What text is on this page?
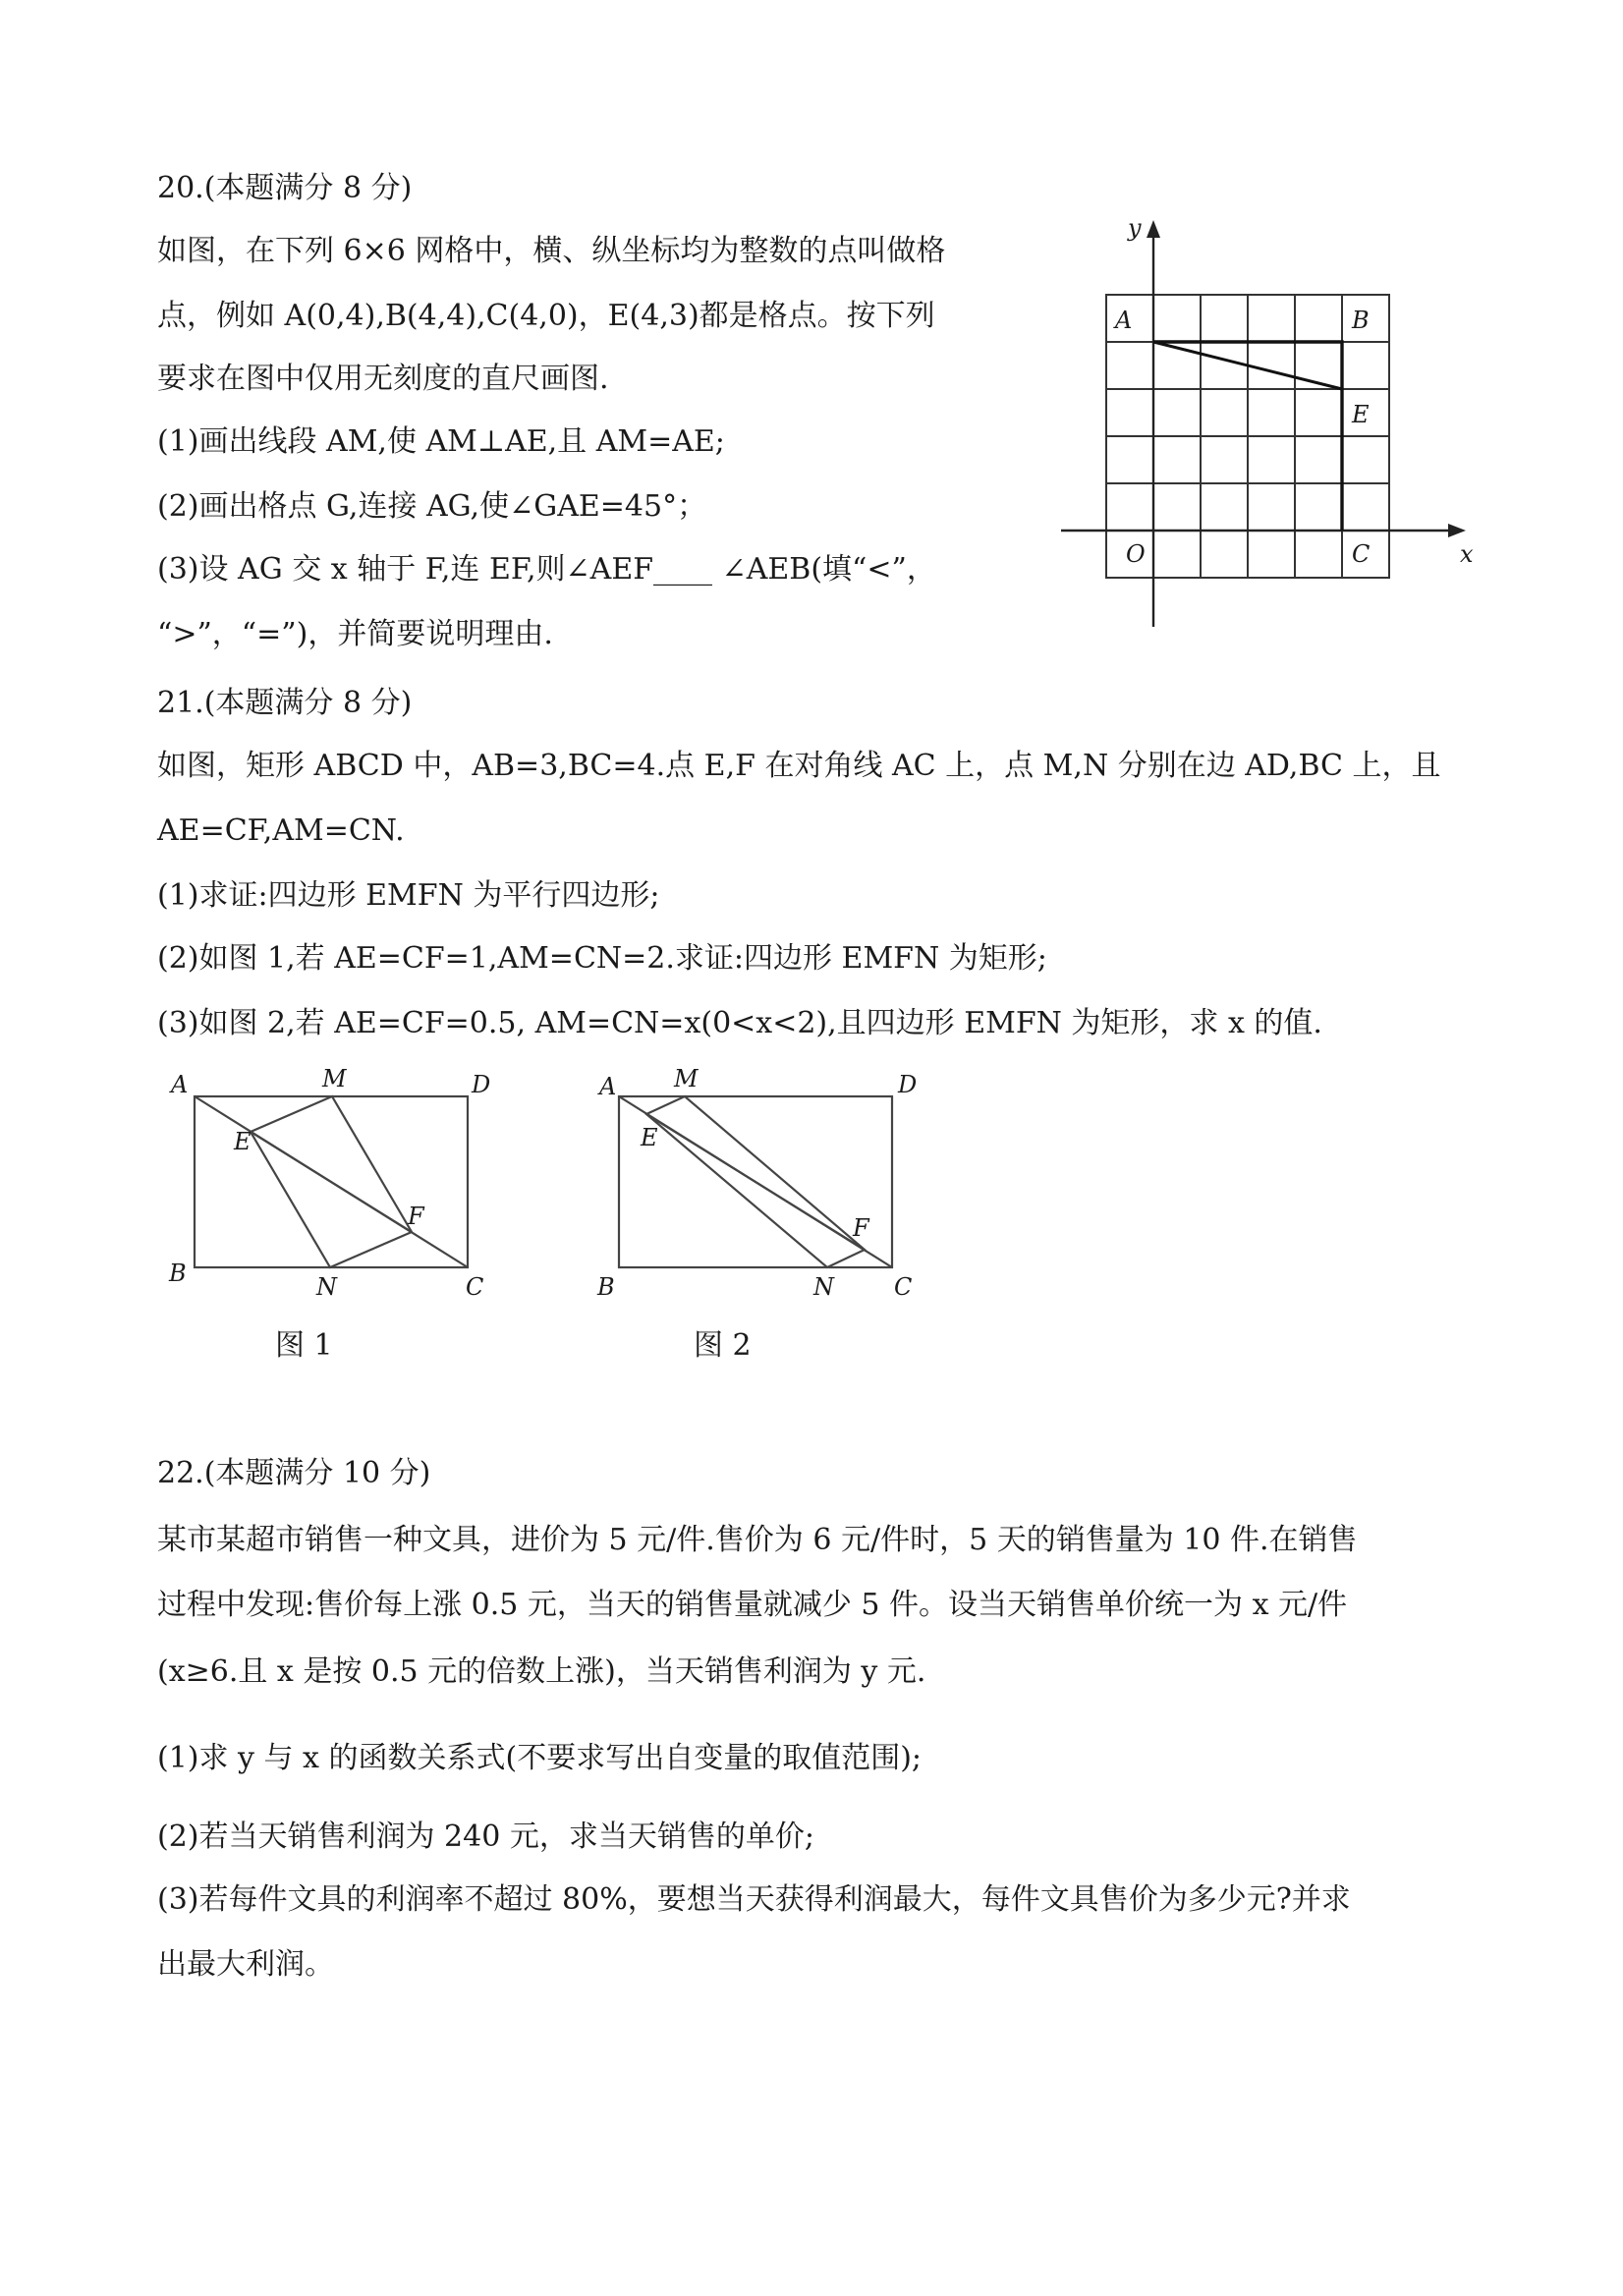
20.(本题满分 8 分)
如图，在下列 6×6 网格中，横、纵坐标均为整数的点叫做格
点，例如 A(0,4),B(4,4),C(4,0)，E(4,3)都是格点。按下列
要求在图中仅用无刻度的直尺画图.
(1)画出线段 AM,使 AM⊥AE,且 AM=AE;
(2)画出格点 G,连接 AG,使∠GAE=45°；
(3)设 AG 交 x 轴于 F,连 EF,则∠AEF____ ∠AEB(填“<”，
“>”，“=”)，并简要说明理由.
y
x
A	B
E
O	C
21.(本题满分 8 分)
如图，矩形 ABCD 中，AB=3,BC=4.点 E,F 在对角线 AC 上，点 M,N 分别在边 AD,BC 上，且
AE=CF,AM=CN.
(1)求证:四边形 EMFN 为平行四边形;
(2)如图 1,若 AE=CF=1,AM=CN=2.求证:四边形 EMFN 为矩形;
(3)如图 2,若 AE=CF=0.5, AM=CN=x(0<x<2),且四边形 EMFN 为矩形，求 x 的值.
A	M	D
E
F
B	N	C
图 1
A M	D
E
F
B	N	C
图 2
22.(本题满分 10 分)
某市某超市销售一种文具，进价为 5 元/件.售价为 6 元/件时，5 天的销售量为 10 件.在销售
过程中发现:售价每上涨 0.5 元，当天的销售量就减少 5 件。设当天销售单价统一为 x 元/件
(x≥6.且 x 是按 0.5 元的倍数上涨)，当天销售利润为 y 元.
(1)求 y 与 x 的函数关系式(不要求写出自变量的取值范围);
(2)若当天销售利润为 240 元，求当天销售的单价;
(3)若每件文具的利润率不超过 80%，要想当天获得利润最大，每件文具售价为多少元?并求
出最大利润。
